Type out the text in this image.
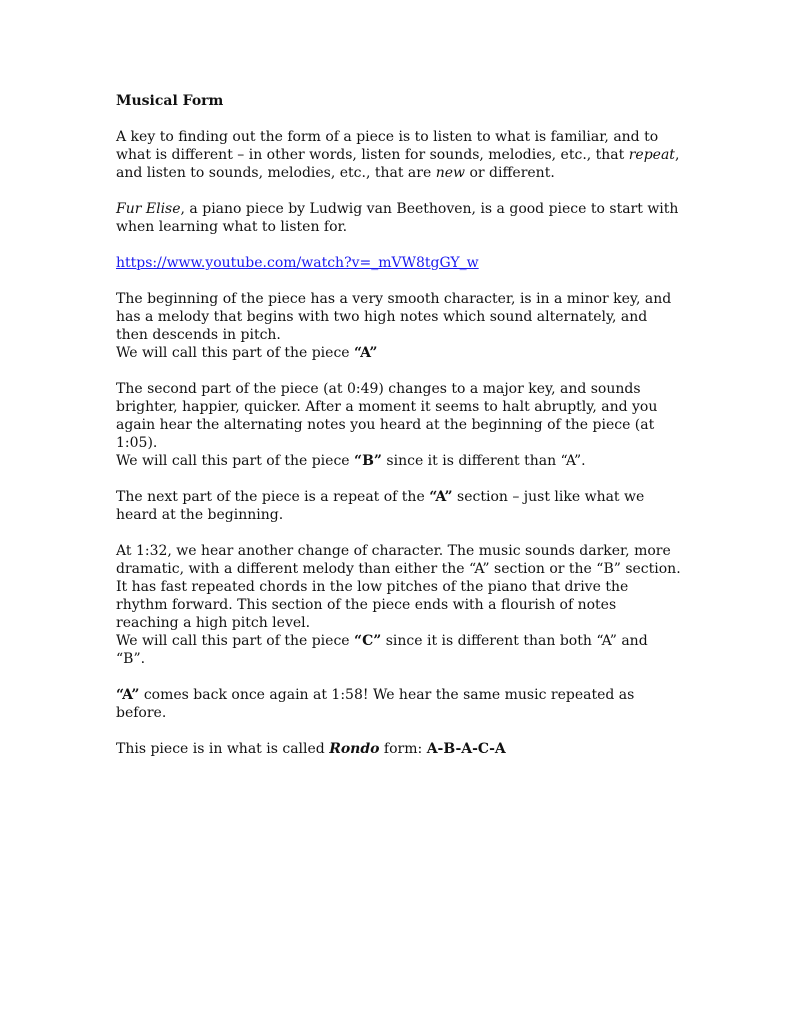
Musical Form

A key to finding out the form of a piece is to listen to what is familiar, and to what is different – in other words, listen for sounds, melodies, etc., that repeat, and listen to sounds, melodies, etc., that are new or different.

Fur Elise, a piano piece by Ludwig van Beethoven, is a good piece to start with when learning what to listen for.

https://www.youtube.com/watch?v=_mVW8tgGY_w

The beginning of the piece has a very smooth character, is in a minor key, and has a melody that begins with two high notes which sound alternately, and then descends in pitch.
We will call this part of the piece “A”

The second part of the piece (at 0:49) changes to a major key, and sounds brighter, happier, quicker. After a moment it seems to halt abruptly, and you again hear the alternating notes you heard at the beginning of the piece (at 1:05).
We will call this part of the piece “B” since it is different than “A”.

The next part of the piece is a repeat of the “A” section – just like what we heard at the beginning.

At 1:32, we hear another change of character. The music sounds darker, more dramatic, with a different melody than either the “A” section or the “B” section. It has fast repeated chords in the low pitches of the piano that drive the rhythm forward. This section of the piece ends with a flourish of notes reaching a high pitch level.
We will call this part of the piece “C” since it is different than both “A” and “B”.

“A” comes back once again at 1:58! We hear the same music repeated as before.

This piece is in what is called Rondo form: A-B-A-C-A
